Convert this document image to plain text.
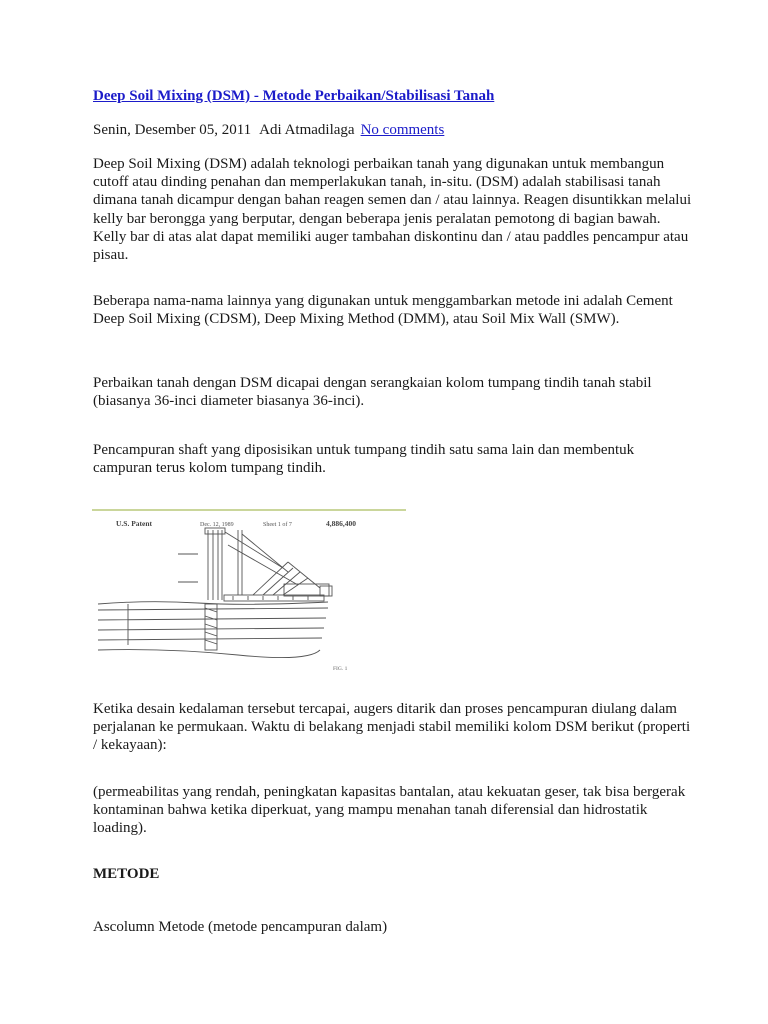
Deep Soil Mixing (DSM) - Metode Perbaikan/Stabilisasi Tanah
Senin, Desember 05, 2011 Adi Atmadilaga No comments

Deep Soil Mixing (DSM) adalah teknologi perbaikan tanah yang digunakan untuk membangun cutoff atau dinding penahan dan memperlakukan tanah, in-situ. (DSM) adalah stabilisasi tanah dimana tanah dicampur dengan bahan reagen semen dan / atau lainnya. Reagen disuntikkan melalui kelly bar berongga yang berputar, dengan beberapa jenis peralatan pemotong di bagian bawah. Kelly bar di atas alat dapat memiliki auger tambahan diskontinu dan / atau paddles pencampur atau pisau.

Beberapa nama-nama lainnya yang digunakan untuk menggambarkan metode ini adalah Cement Deep Soil Mixing (CDSM), Deep Mixing Method (DMM), atau Soil Mix Wall (SMW).

Perbaikan tanah dengan DSM dicapai dengan serangkaian kolom tumpang tindih tanah stabil (biasanya 36-inci diameter biasanya 36-inci).

Pencampuran shaft yang diposisikan untuk tumpang tindih satu sama lain dan membentuk campuran terus kolom tumpang tindih.

U.S. Patent	Dec. 12, 1989	Sheet 1 of 7	4,886,400
FIG. 1

Ketika desain kedalaman tersebut tercapai, augers ditarik dan proses pencampuran diulang dalam perjalanan ke permukaan. Waktu di belakang menjadi stabil memiliki kolom DSM berikut (properti / kekayaan):

(permeabilitas yang rendah, peningkatan kapasitas bantalan, atau kekuatan geser, tak bisa bergerak kontaminan bahwa ketika diperkuat, yang mampu menahan tanah diferensial dan hidrostatik loading).

METODE

Ascolumn Metode (metode pencampuran dalam)
